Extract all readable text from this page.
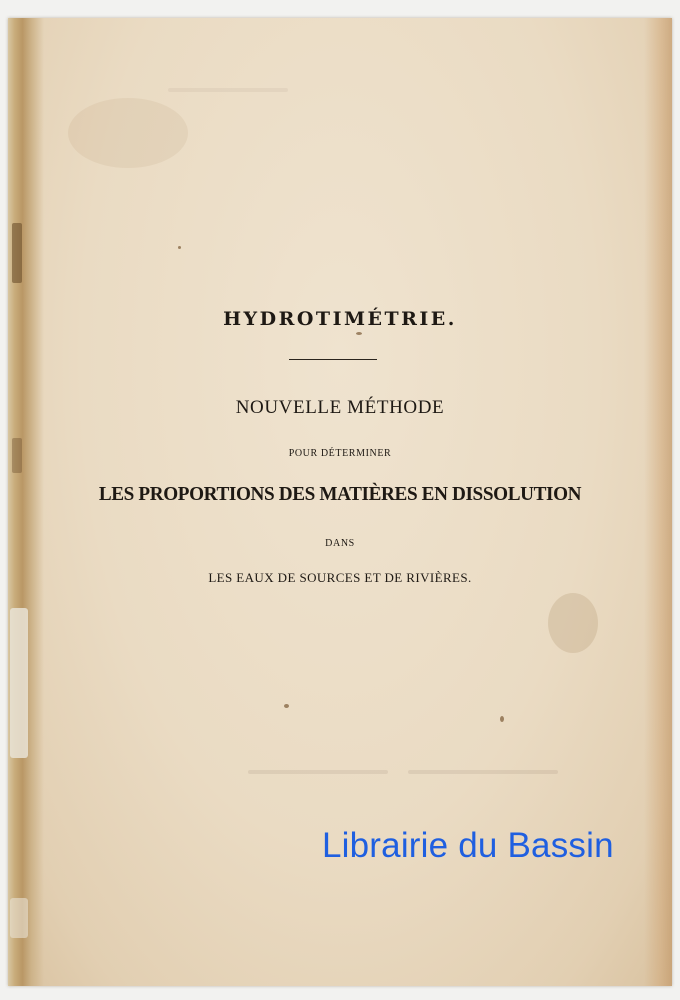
HYDROTIMÉTRIE.
NOUVELLE MÉTHODE
POUR DÉTERMINER
LES PROPORTIONS DES MATIÈRES EN DISSOLUTION
DANS
LES EAUX DE SOURCES ET DE RIVIÈRES.
Librairie du Bassin
